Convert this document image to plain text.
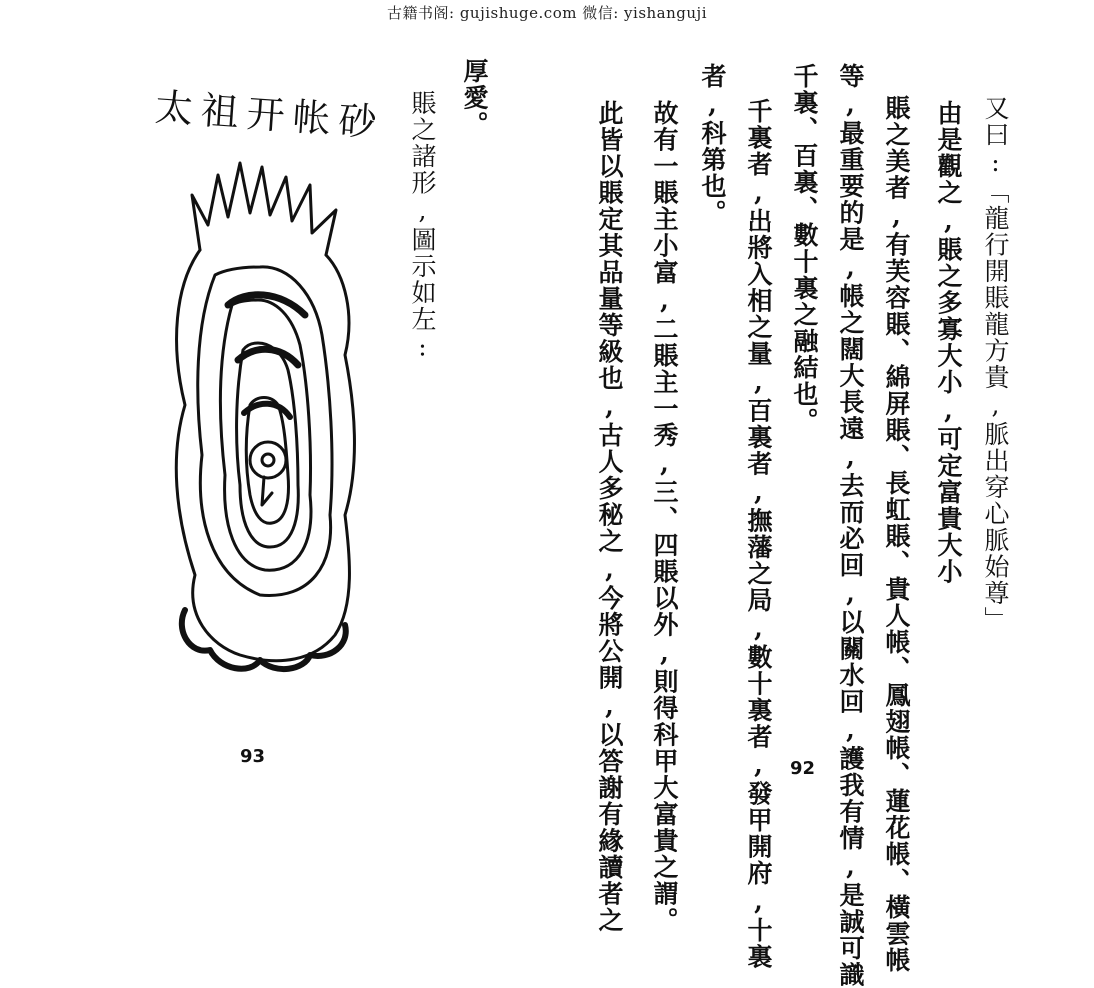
古籍书阁: gujishuge.com 微信: yishanguji
又曰:「龍行開賬龍方貴,脈出穿心脈始尊」
由是觀之,賬之多寡大小,可定富貴大小
賬之美者,有芙容賬、綿屏賬、長虹賬、貴人帳、鳳翅帳、蓮花帳、橫雲帳
等,最重要的是,帳之闊大長遠,去而必回,以關水回,護我有情,是誠可識
千裏、百裏、數十裏之融結也。
千裏者,出將入相之量,百裏者,撫藩之局,數十裏者,發甲開府,十裏
者,科第也。
故有一賬主小富,二賬主一秀,三、四賬以外,則得科甲大富貴之謂。
此皆以賬定其品量等級也,古人多秘之,今將公開,以答謝有緣讀者之	92
厚愛。
賬之諸形,圖示如左:
太祖开帐砂
93
